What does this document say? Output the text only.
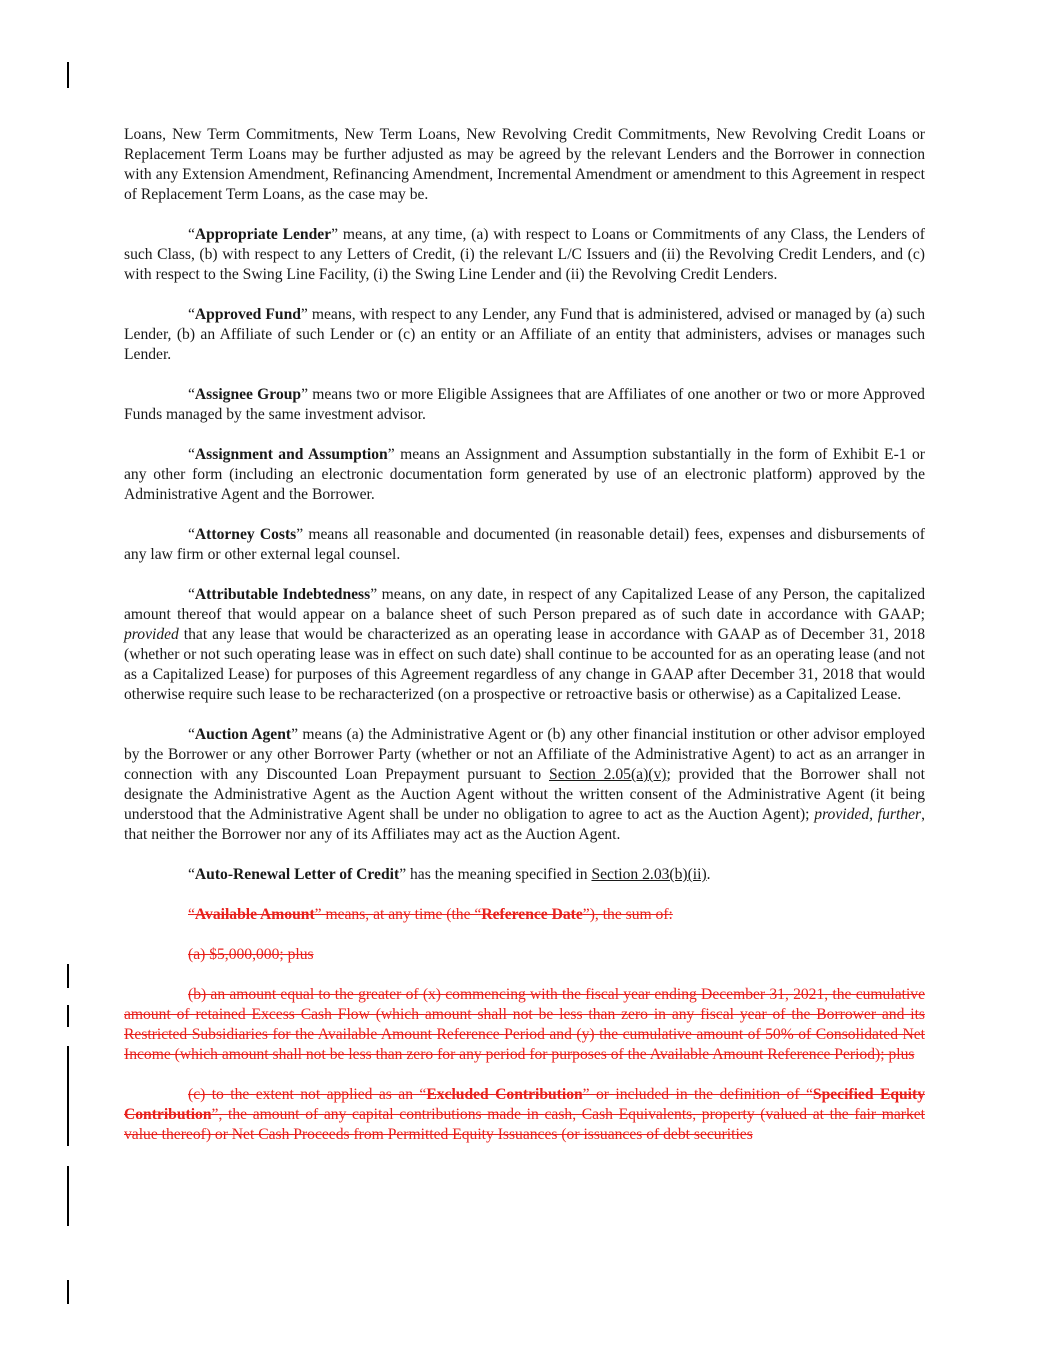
Loans, New Term Commitments, New Term Loans, New Revolving Credit Commitments, New Revolving Credit Loans or Replacement Term Loans may be further adjusted as may be agreed by the relevant Lenders and the Borrower in connection with any Extension Amendment, Refinancing Amendment, Incremental Amendment or amendment to this Agreement in respect of Replacement Term Loans, as the case may be.

“Appropriate Lender” means, at any time, (a) with respect to Loans or Commitments of any Class, the Lenders of such Class, (b) with respect to any Letters of Credit, (i) the relevant L/C Issuers and (ii) the Revolving Credit Lenders, and (c) with respect to the Swing Line Facility, (i) the Swing Line Lender and (ii) the Revolving Credit Lenders.

“Approved Fund” means, with respect to any Lender, any Fund that is administered, advised or managed by (a) such Lender, (b) an Affiliate of such Lender or (c) an entity or an Affiliate of an entity that administers, advises or manages such Lender.

“Assignee Group” means two or more Eligible Assignees that are Affiliates of one another or two or more Approved Funds managed by the same investment advisor.

“Assignment and Assumption” means an Assignment and Assumption substantially in the form of Exhibit E-1 or any other form (including an electronic documentation form generated by use of an electronic platform) approved by the Administrative Agent and the Borrower.

“Attorney Costs” means all reasonable and documented (in reasonable detail) fees, expenses and disbursements of any law firm or other external legal counsel.

“Attributable Indebtedness” means, on any date, in respect of any Capitalized Lease of any Person, the capitalized amount thereof that would appear on a balance sheet of such Person prepared as of such date in accordance with GAAP; provided that any lease that would be characterized as an operating lease in accordance with GAAP as of December 31, 2018 (whether or not such operating lease was in effect on such date) shall continue to be accounted for as an operating lease (and not as a Capitalized Lease) for purposes of this Agreement regardless of any change in GAAP after December 31, 2018 that would otherwise require such lease to be recharacterized (on a prospective or retroactive basis or otherwise) as a Capitalized Lease.

“Auction Agent” means (a) the Administrative Agent or (b) any other financial institution or other advisor employed by the Borrower or any other Borrower Party (whether or not an Affiliate of the Administrative Agent) to act as an arranger in connection with any Discounted Loan Prepayment pursuant to Section 2.05(a)(v); provided that the Borrower shall not designate the Administrative Agent as the Auction Agent without the written consent of the Administrative Agent (it being understood that the Administrative Agent shall be under no obligation to agree to act as the Auction Agent); provided, further, that neither the Borrower nor any of its Affiliates may act as the Auction Agent.

“Auto-Renewal Letter of Credit” has the meaning specified in Section 2.03(b)(ii).

“Available Amount” means, at any time (the “Reference Date”), the sum of:

(a) $5,000,000; plus

(b) an amount equal to the greater of (x) commencing with the fiscal year ending December 31, 2021, the cumulative amount of retained Excess Cash Flow (which amount shall not be less than zero in any fiscal year of the Borrower and its Restricted Subsidiaries for the Available Amount Reference Period and (y) the cumulative amount of 50% of Consolidated Net Income (which amount shall not be less than zero for any period for purposes of the Available Amount Reference Period); plus

(c) to the extent not applied as an “Excluded Contribution” or included in the definition of “Specified Equity Contribution”, the amount of any capital contributions made in cash, Cash Equivalents, property (valued at the fair market value thereof) or Net Cash Proceeds from Permitted Equity Issuances (or issuances of debt securities
